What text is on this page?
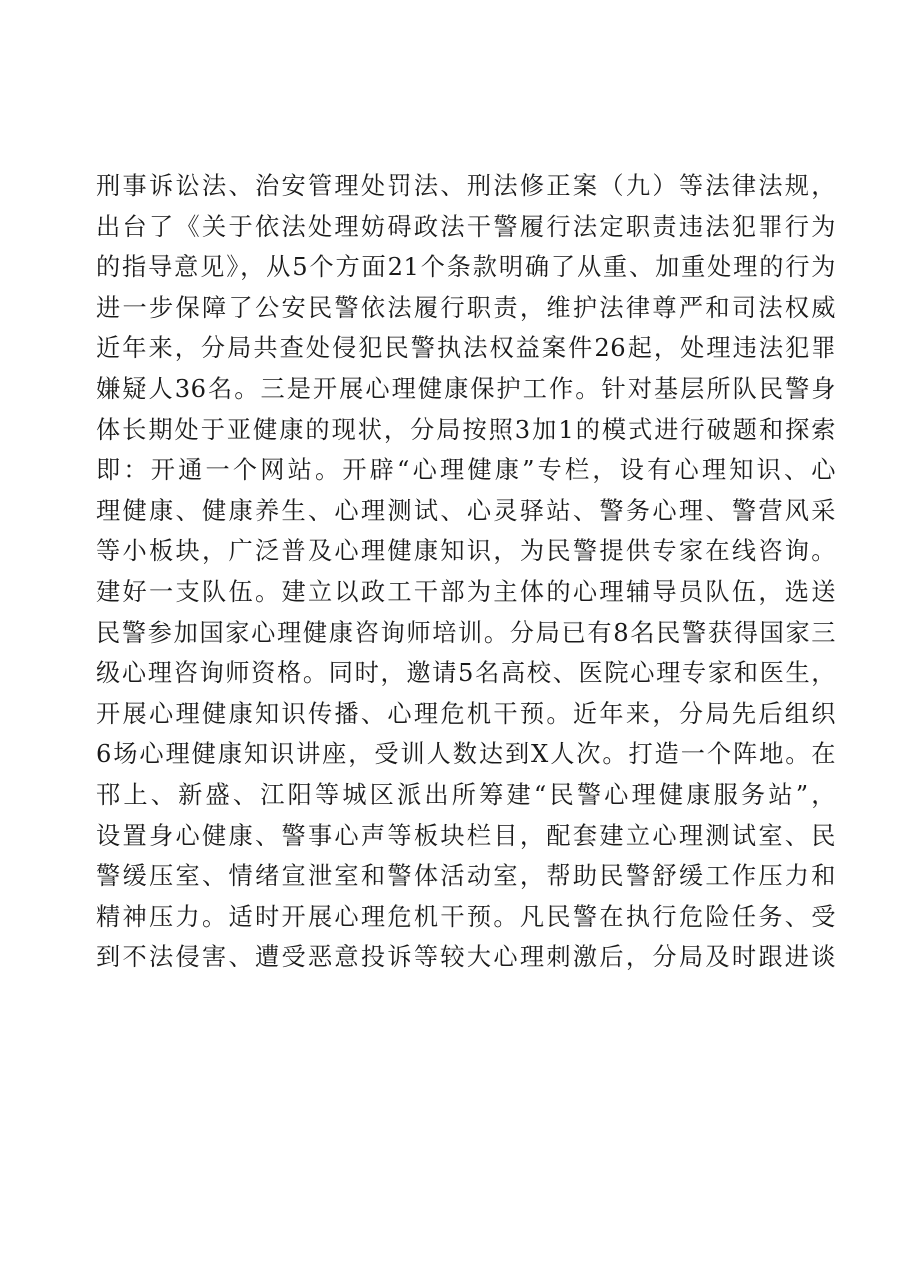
刑事诉讼法、治安管理处罚法、刑法修正案（九）等法律法规，
出台了《关于依法处理妨碍政法干警履行法定职责违法犯罪行为
的指导意见》，从5个方面21个条款明确了从重、加重处理的行为
进一步保障了公安民警依法履行职责，维护法律尊严和司法权威
近年来，分局共查处侵犯民警执法权益案件26起，处理违法犯罪
嫌疑人36名。三是开展心理健康保护工作。针对基层所队民警身
体长期处于亚健康的现状，分局按照3加1的模式进行破题和探索
即：开通一个网站。开辟“心理健康”专栏，设有心理知识、心
理健康、健康养生、心理测试、心灵驿站、警务心理、警营风采
等小板块，广泛普及心理健康知识，为民警提供专家在线咨询。
建好一支队伍。建立以政工干部为主体的心理辅导员队伍，选送
民警参加国家心理健康咨询师培训。分局已有8名民警获得国家三
级心理咨询师资格。同时，邀请5名高校、医院心理专家和医生，
开展心理健康知识传播、心理危机干预。近年来，分局先后组织
6场心理健康知识讲座，受训人数达到X人次。打造一个阵地。在
邗上、新盛、江阳等城区派出所筹建“民警心理健康服务站”，
设置身心健康、警事心声等板块栏目，配套建立心理测试室、民
警缓压室、情绪宣泄室和警体活动室，帮助民警舒缓工作压力和
精神压力。适时开展心理危机干预。凡民警在执行危险任务、受
到不法侵害、遭受恶意投诉等较大心理刺激后，分局及时跟进谈
